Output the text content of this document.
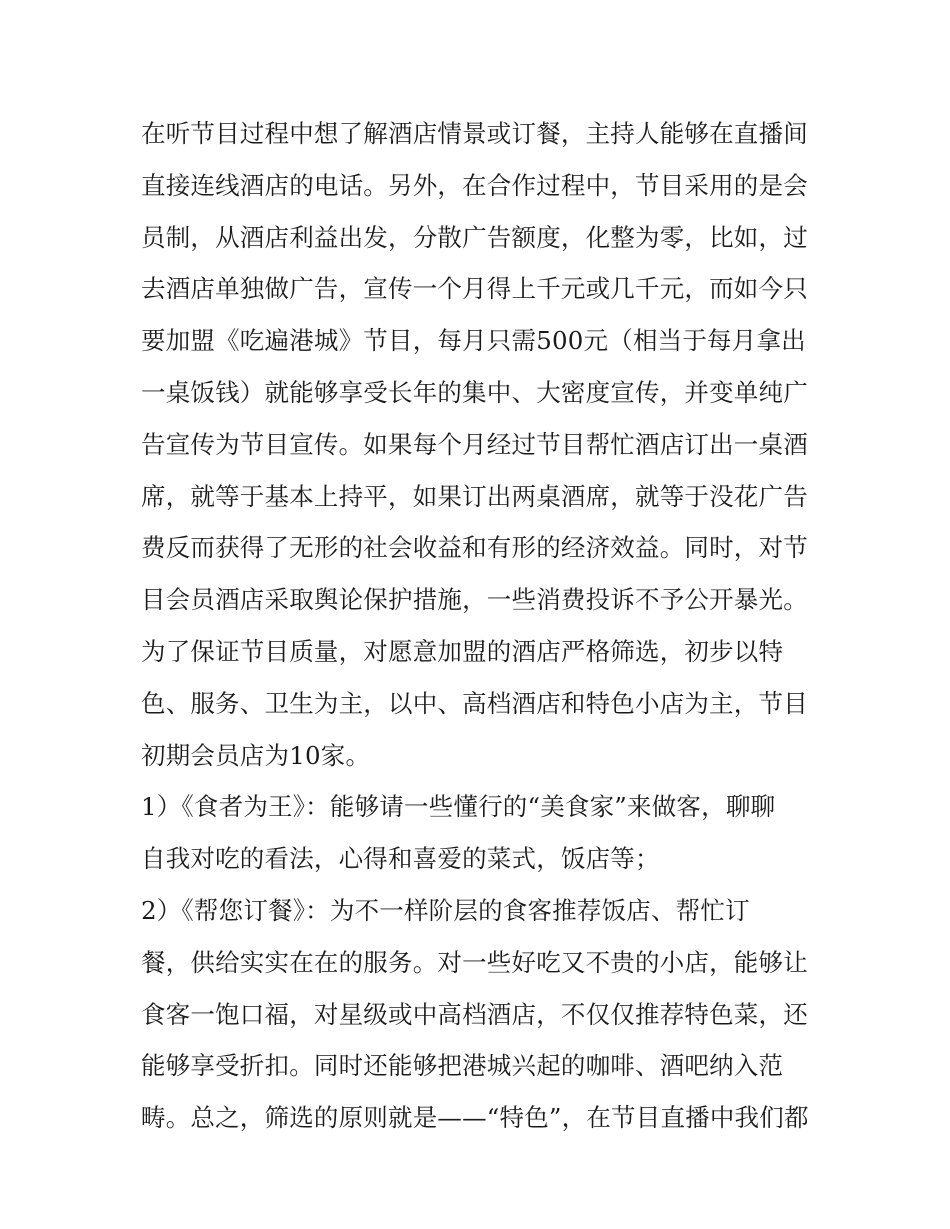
在听节目过程中想了解酒店情景或订餐，主持人能够在直播间
直接连线酒店的电话。另外，在合作过程中，节目采用的是会
员制，从酒店利益出发，分散广告额度，化整为零，比如，过
去酒店单独做广告，宣传一个月得上千元或几千元，而如今只
要加盟《吃遍港城》节目，每月只需500元（相当于每月拿出
一桌饭钱）就能够享受长年的集中、大密度宣传，并变单纯广
告宣传为节目宣传。如果每个月经过节目帮忙酒店订出一桌酒
席，就等于基本上持平，如果订出两桌酒席，就等于没花广告
费反而获得了无形的社会收益和有形的经济效益。同时，对节
目会员酒店采取舆论保护措施，一些消费投诉不予公开暴光。
为了保证节目质量，对愿意加盟的酒店严格筛选，初步以特
色、服务、卫生为主，以中、高档酒店和特色小店为主，节目
初期会员店为10家。
1）《食者为王》：能够请一些懂行的“美食家”来做客，聊聊
自我对吃的看法，心得和喜爱的菜式，饭店等；
2）《帮您订餐》：为不一样阶层的食客推荐饭店、帮忙订
餐，供给实实在在的服务。对一些好吃又不贵的小店，能够让
食客一饱口福，对星级或中高档酒店，不仅仅推荐特色菜，还
能够享受折扣。同时还能够把港城兴起的咖啡、酒吧纳入范
畴。总之，筛选的原则就是——“特色”，在节目直播中我们都
